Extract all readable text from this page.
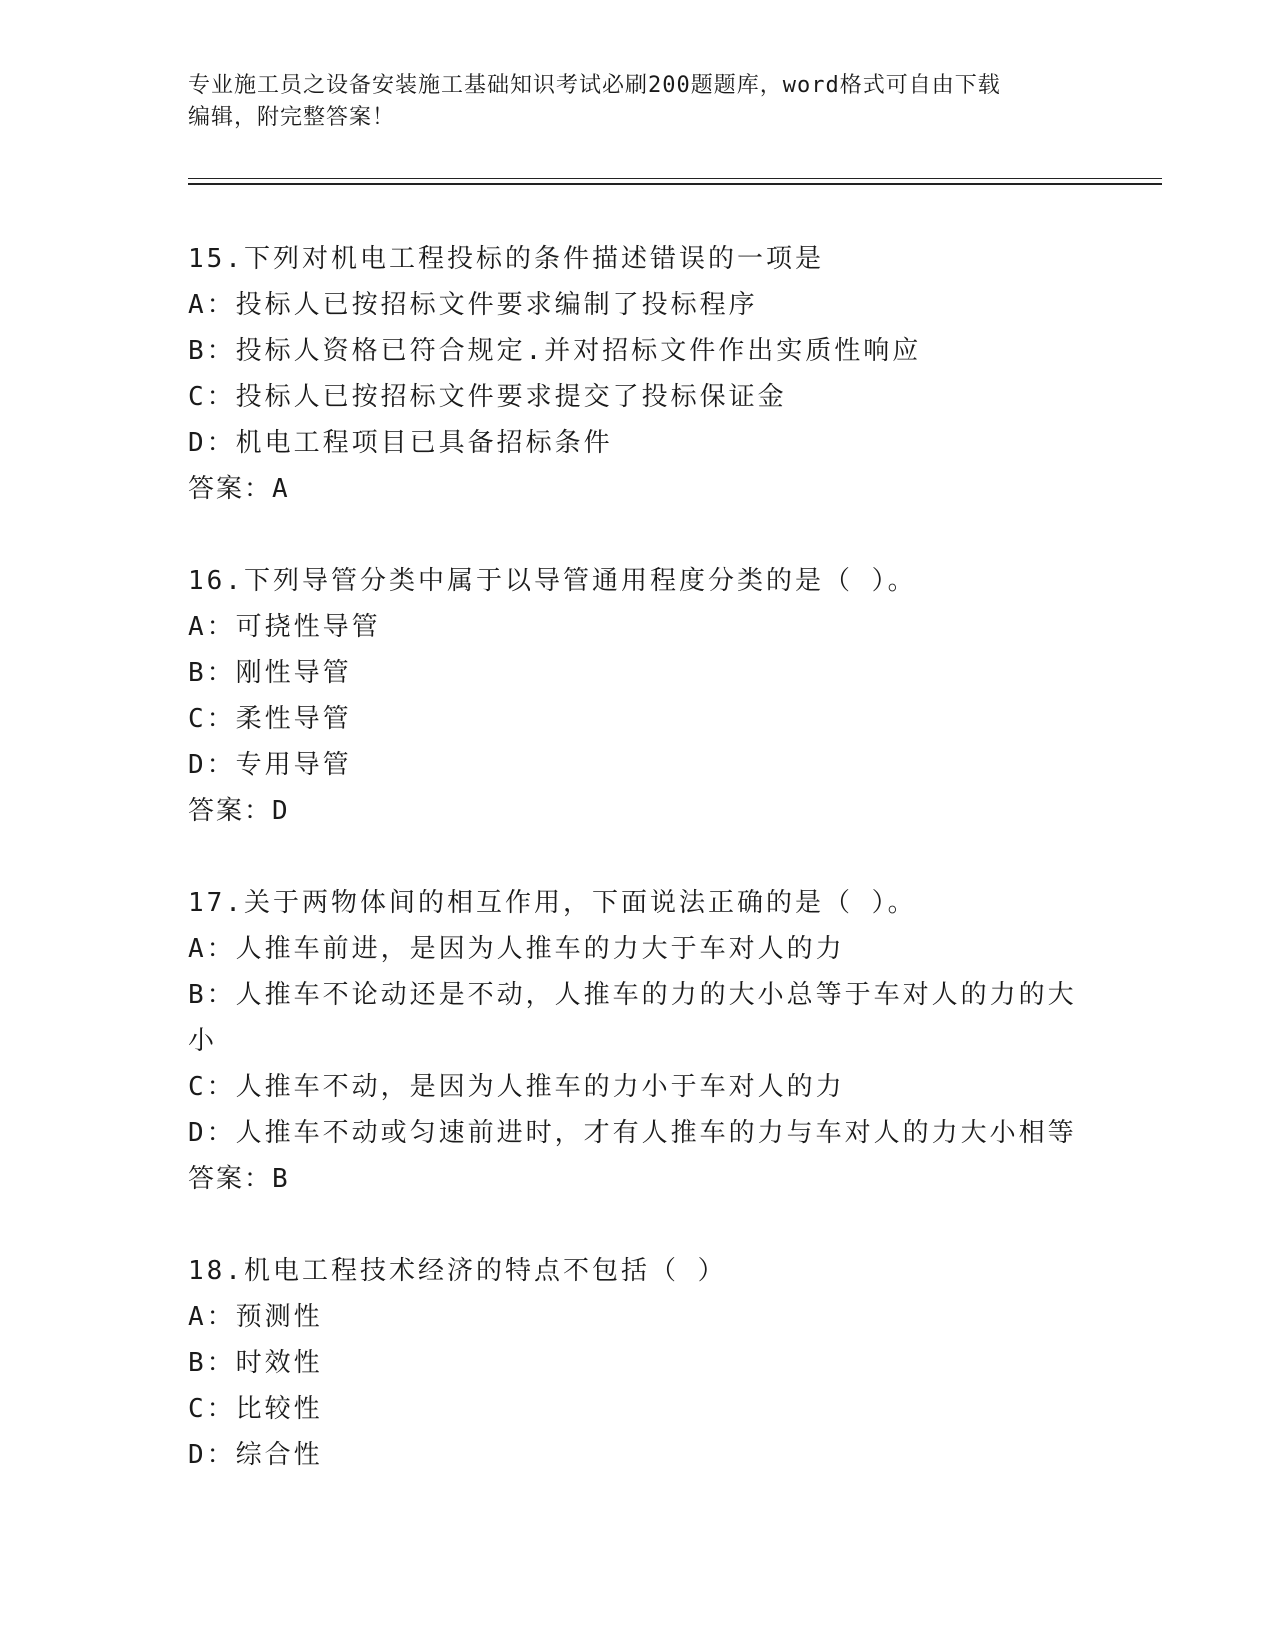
专业施工员之设备安装施工基础知识考试必刷200题题库，word格式可自由下载
编辑，附完整答案！
15.下列对机电工程投标的条件描述错误的一项是
A：投标人已按招标文件要求编制了投标程序
B：投标人资格已符合规定.并对招标文件作出实质性响应
C：投标人已按招标文件要求提交了投标保证金
D：机电工程项目已具备招标条件
答案：A
16.下列导管分类中属于以导管通用程度分类的是（ ）。
A：可挠性导管
B：刚性导管
C：柔性导管
D：专用导管
答案：D
17.关于两物体间的相互作用，下面说法正确的是（ ）。
A：人推车前进，是因为人推车的力大于车对人的力
B：人推车不论动还是不动，人推车的力的大小总等于车对人的力的大小
C：人推车不动，是因为人推车的力小于车对人的力
D：人推车不动或匀速前进时，才有人推车的力与车对人的力大小相等
答案：B
18.机电工程技术经济的特点不包括（ ）
A：预测性
B：时效性
C：比较性
D：综合性
